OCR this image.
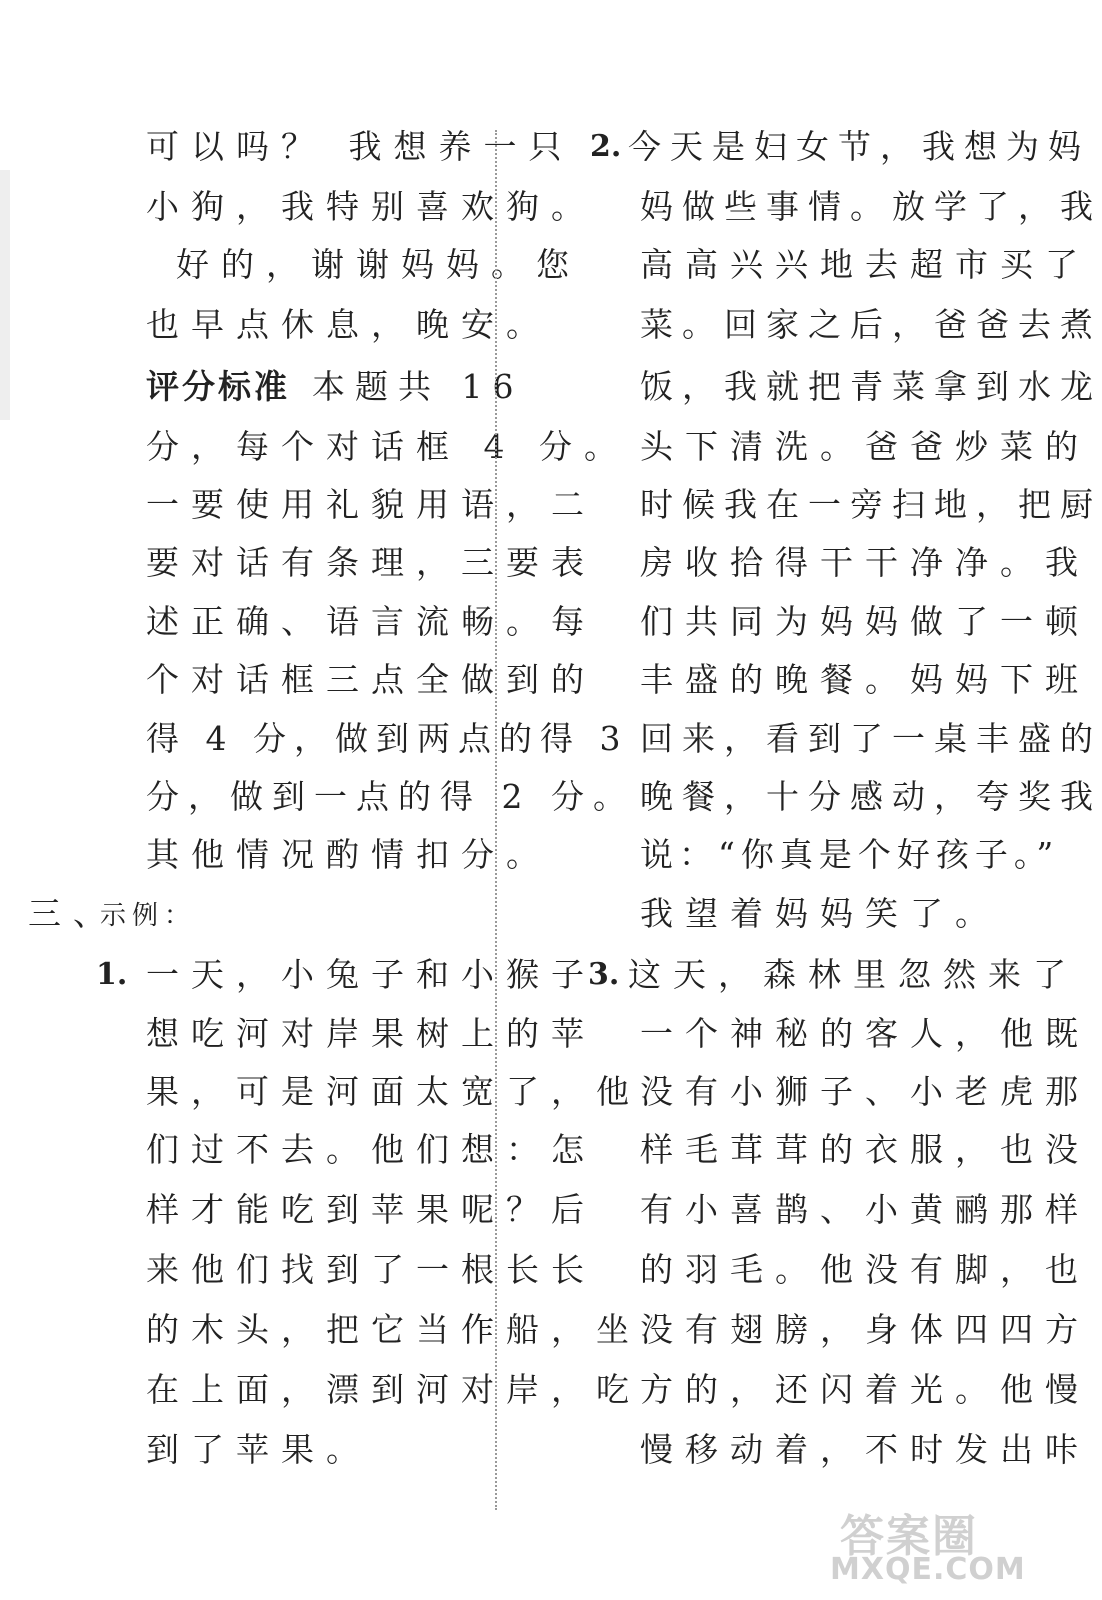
可以吗？ 我想养一只
小狗，我特别喜欢狗。
好的，谢谢妈妈。您
也早点休息，晚安。
评分标准 本题共 16
分，每个对话框 4 分。
一要使用礼貌用语，二
要对话有条理，三要表
述正确、语言流畅。每
个对话框三点全做到的
得 4 分，做到两点的得 3
分，做到一点的得 2 分。
其他情况酌情扣分。
三、
示例：
1. 一天，小兔子和小猴子
想吃河对岸果树上的苹
果，可是河面太宽了，他
们过不去。他们想：怎
样才能吃到苹果呢？后
来他们找到了一根长长
的木头，把它当作船，坐
在上面，漂到河对岸，吃
到了苹果。
2. 今天是妇女节，我想为妈
妈做些事情。放学了，我
高高兴兴地去超市买了
菜。回家之后，爸爸去煮
饭，我就把青菜拿到水龙
头下清洗。爸爸炒菜的
时候我在一旁扫地，把厨
房收拾得干干净净。我
们共同为妈妈做了一顿
丰盛的晚餐。妈妈下班
回来，看到了一桌丰盛的
晚餐，十分感动，夸奖我
说：“你真是个好孩子。”
我望着妈妈笑了。
3. 这天，森林里忽然来了
一个神秘的客人，他既
没有小狮子、小老虎那
样毛茸茸的衣服，也没
有小喜鹊、小黄鹂那样
的羽毛。他没有脚，也
没有翅膀，身体四四方
方的，还闪着光。他慢
慢移动着，不时发出咔
答案圈
MXQE.COM
